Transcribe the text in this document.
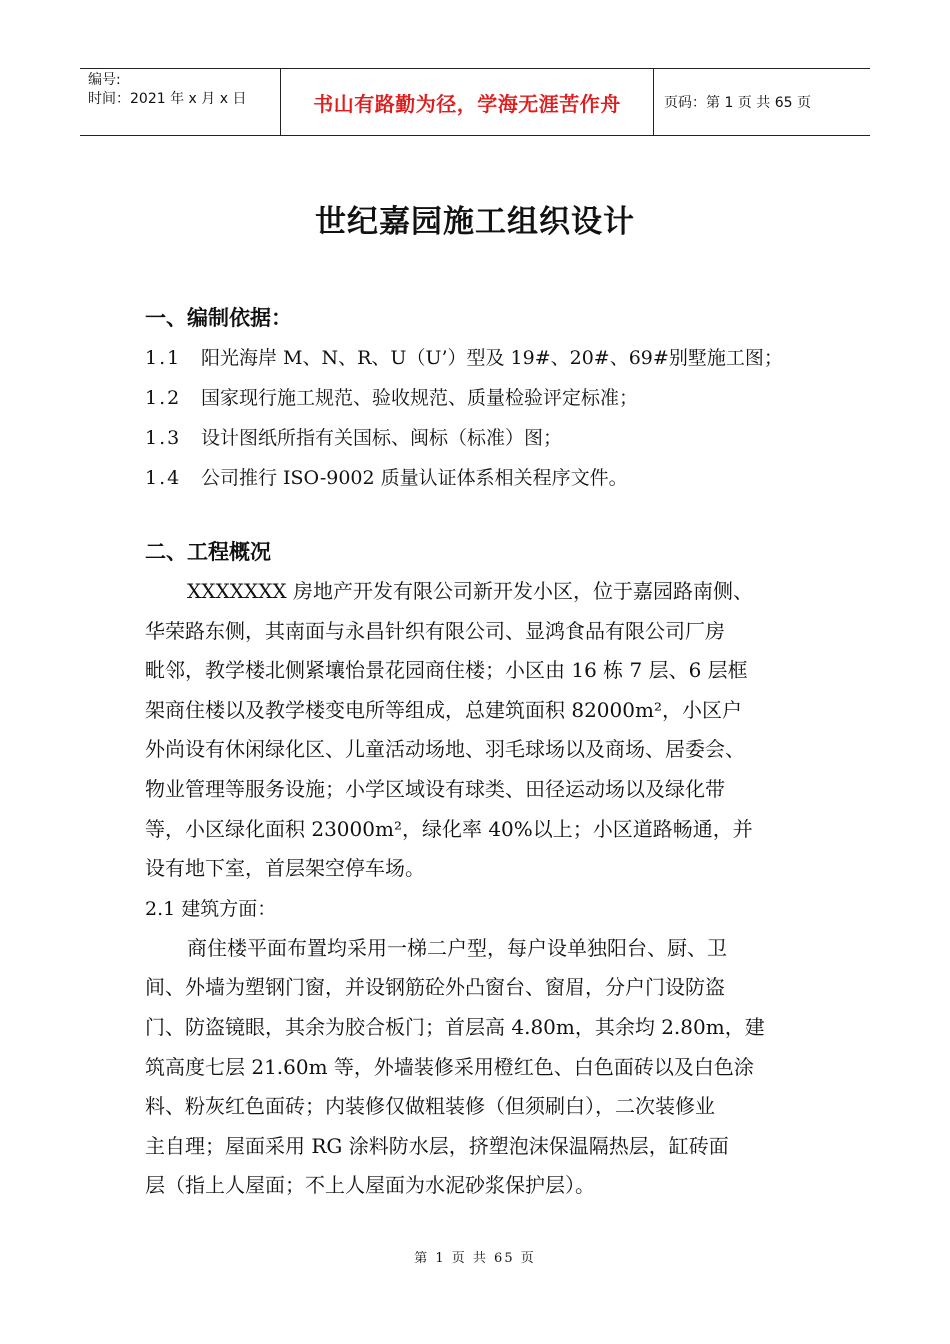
编号:
时间：2021 年 x 月 x 日	书山有路勤为径，学海无涯苦作舟	页码：第 1 页 共 65 页
世纪嘉园施工组织设计
一、编制依据：
1.1 阳光海岸 M、N、R、U（U’）型及 19#、20#、69#别墅施工图；
1.2 国家现行施工规范、验收规范、质量检验评定标准；
1.3 设计图纸所指有关国标、闽标（标准）图；
1.4 公司推行 ISO-9002 质量认证体系相关程序文件。
二、工程概况

XXXXXXX 房地产开发有限公司新开发小区，位于嘉园路南侧、
华荣路东侧，其南面与永昌针织有限公司、显鸿食品有限公司厂房
毗邻，教学楼北侧紧壤怡景花园商住楼；小区由 16 栋 7 层、6 层框
架商住楼以及教学楼变电所等组成，总建筑面积 82000m²，小区户
外尚设有休闲绿化区、儿童活动场地、羽毛球场以及商场、居委会、
物业管理等服务设施；小学区域设有球类、田径运动场以及绿化带
等，小区绿化面积 23000m²，绿化率 40%以上；小区道路畅通，并
设有地下室，首层架空停车场。

2.1 建筑方面：

商住楼平面布置均采用一梯二户型，每户设单独阳台、厨、卫
间、外墙为塑钢门窗，并设钢筋砼外凸窗台、窗眉，分户门设防盗
门、防盗镜眼，其余为胶合板门；首层高 4.80m，其余均 2.80m，建
筑高度七层 21.60m 等，外墙装修采用橙红色、白色面砖以及白色涂
料、粉灰红色面砖；内装修仅做粗装修（但须刷白），二次装修业
主自理；屋面采用 RG 涂料防水层，挤塑泡沫保温隔热层，缸砖面
层（指上人屋面；不上人屋面为水泥砂浆保护层）。

第 1 页 共 65 页
